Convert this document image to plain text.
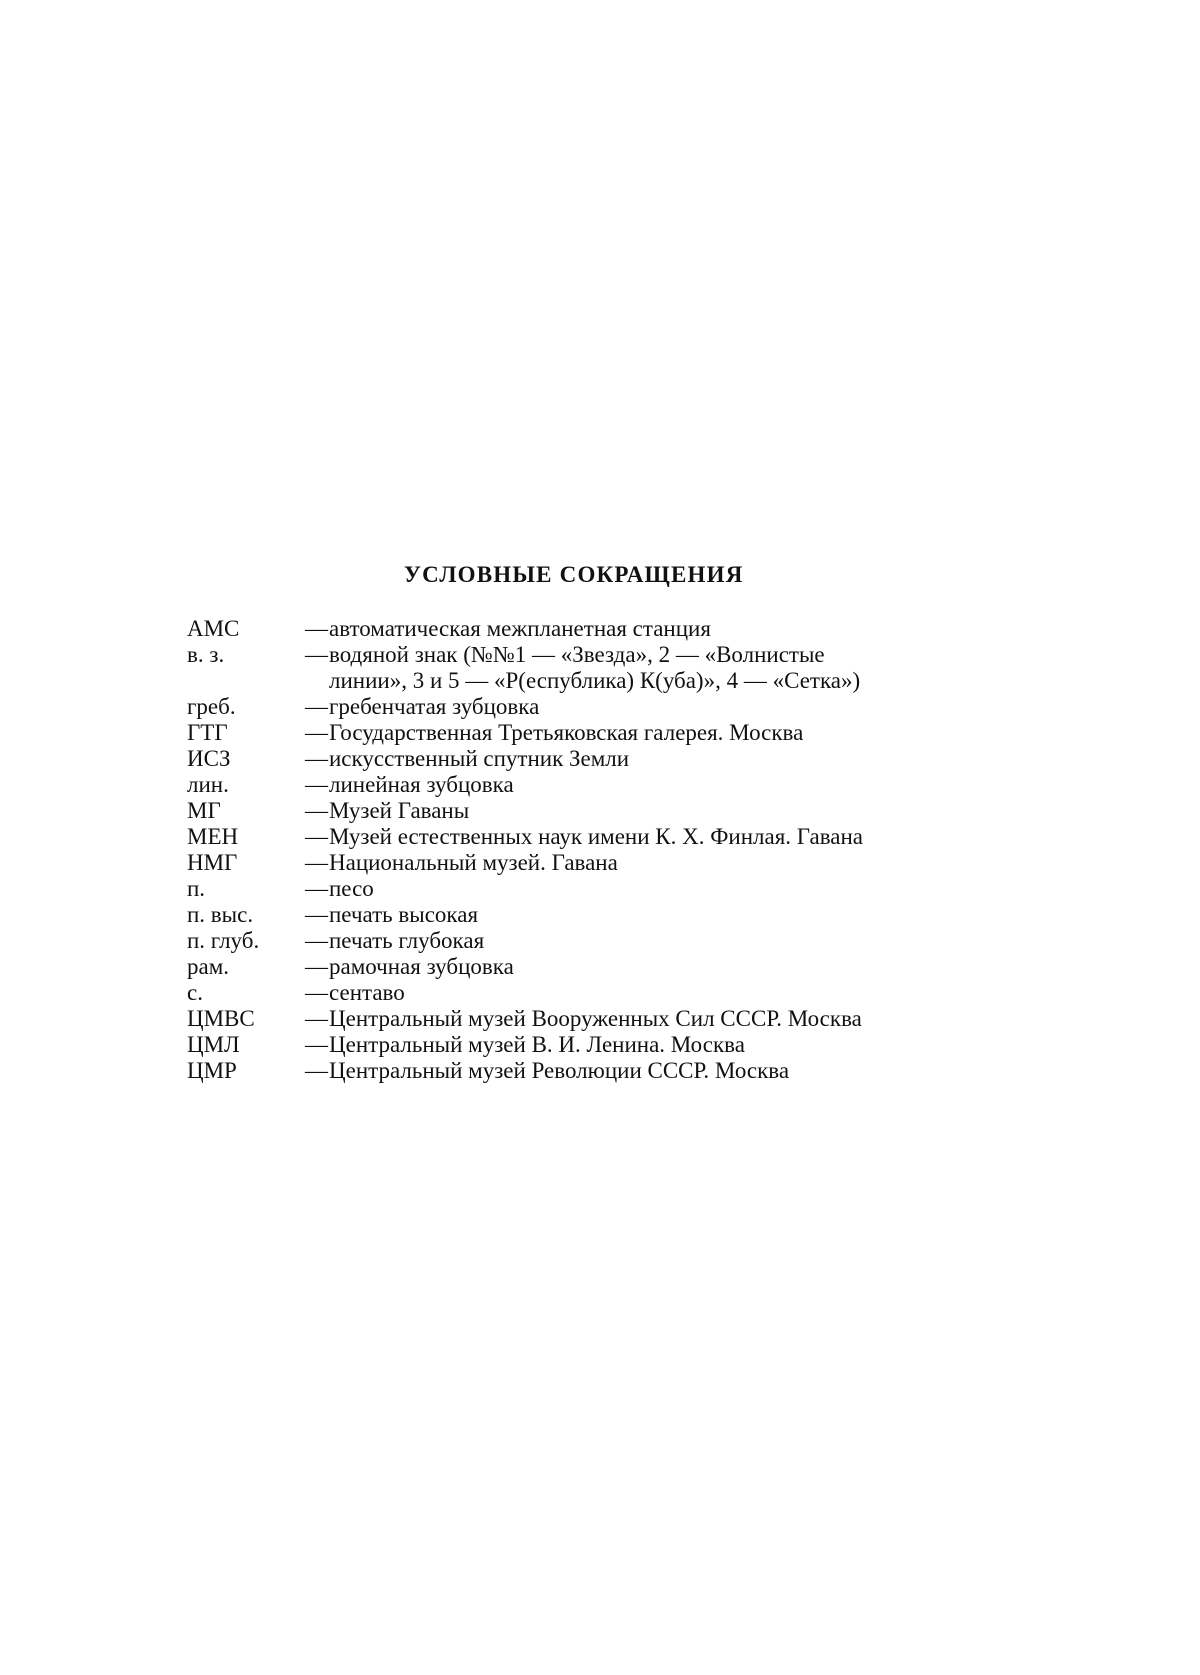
УСЛОВНЫЕ СОКРАЩЕНИЯ
АМС	— автоматическая межпланетная станция
в. з.	— водяной знак (№№1 — «Звезда», 2 — «Волнистые
линии», 3 и 5 — «Р(еспублика) К(уба)», 4 — «Сетка»)
греб.	— гребенчатая зубцовка
ГТГ	— Государственная Третьяковская галерея. Москва
ИСЗ	— искусственный спутник Земли
лин.	— линейная зубцовка
МГ	— Музей Гаваны
МЕН	— Музей естественных наук имени К. Х. Финлая. Гавана
НМГ	— Национальный музей. Гавана
п.	— песо
п. выс.	— печать высокая
п. глуб.	— печать глубокая
рам.	— рамочная зубцовка
с.	— сентаво
ЦМВС	— Центральный музей Вооруженных Сил СССР. Москва
ЦМЛ	— Центральный музей В. И. Ленина. Москва
ЦМР	— Центральный музей Революции СССР. Москва
